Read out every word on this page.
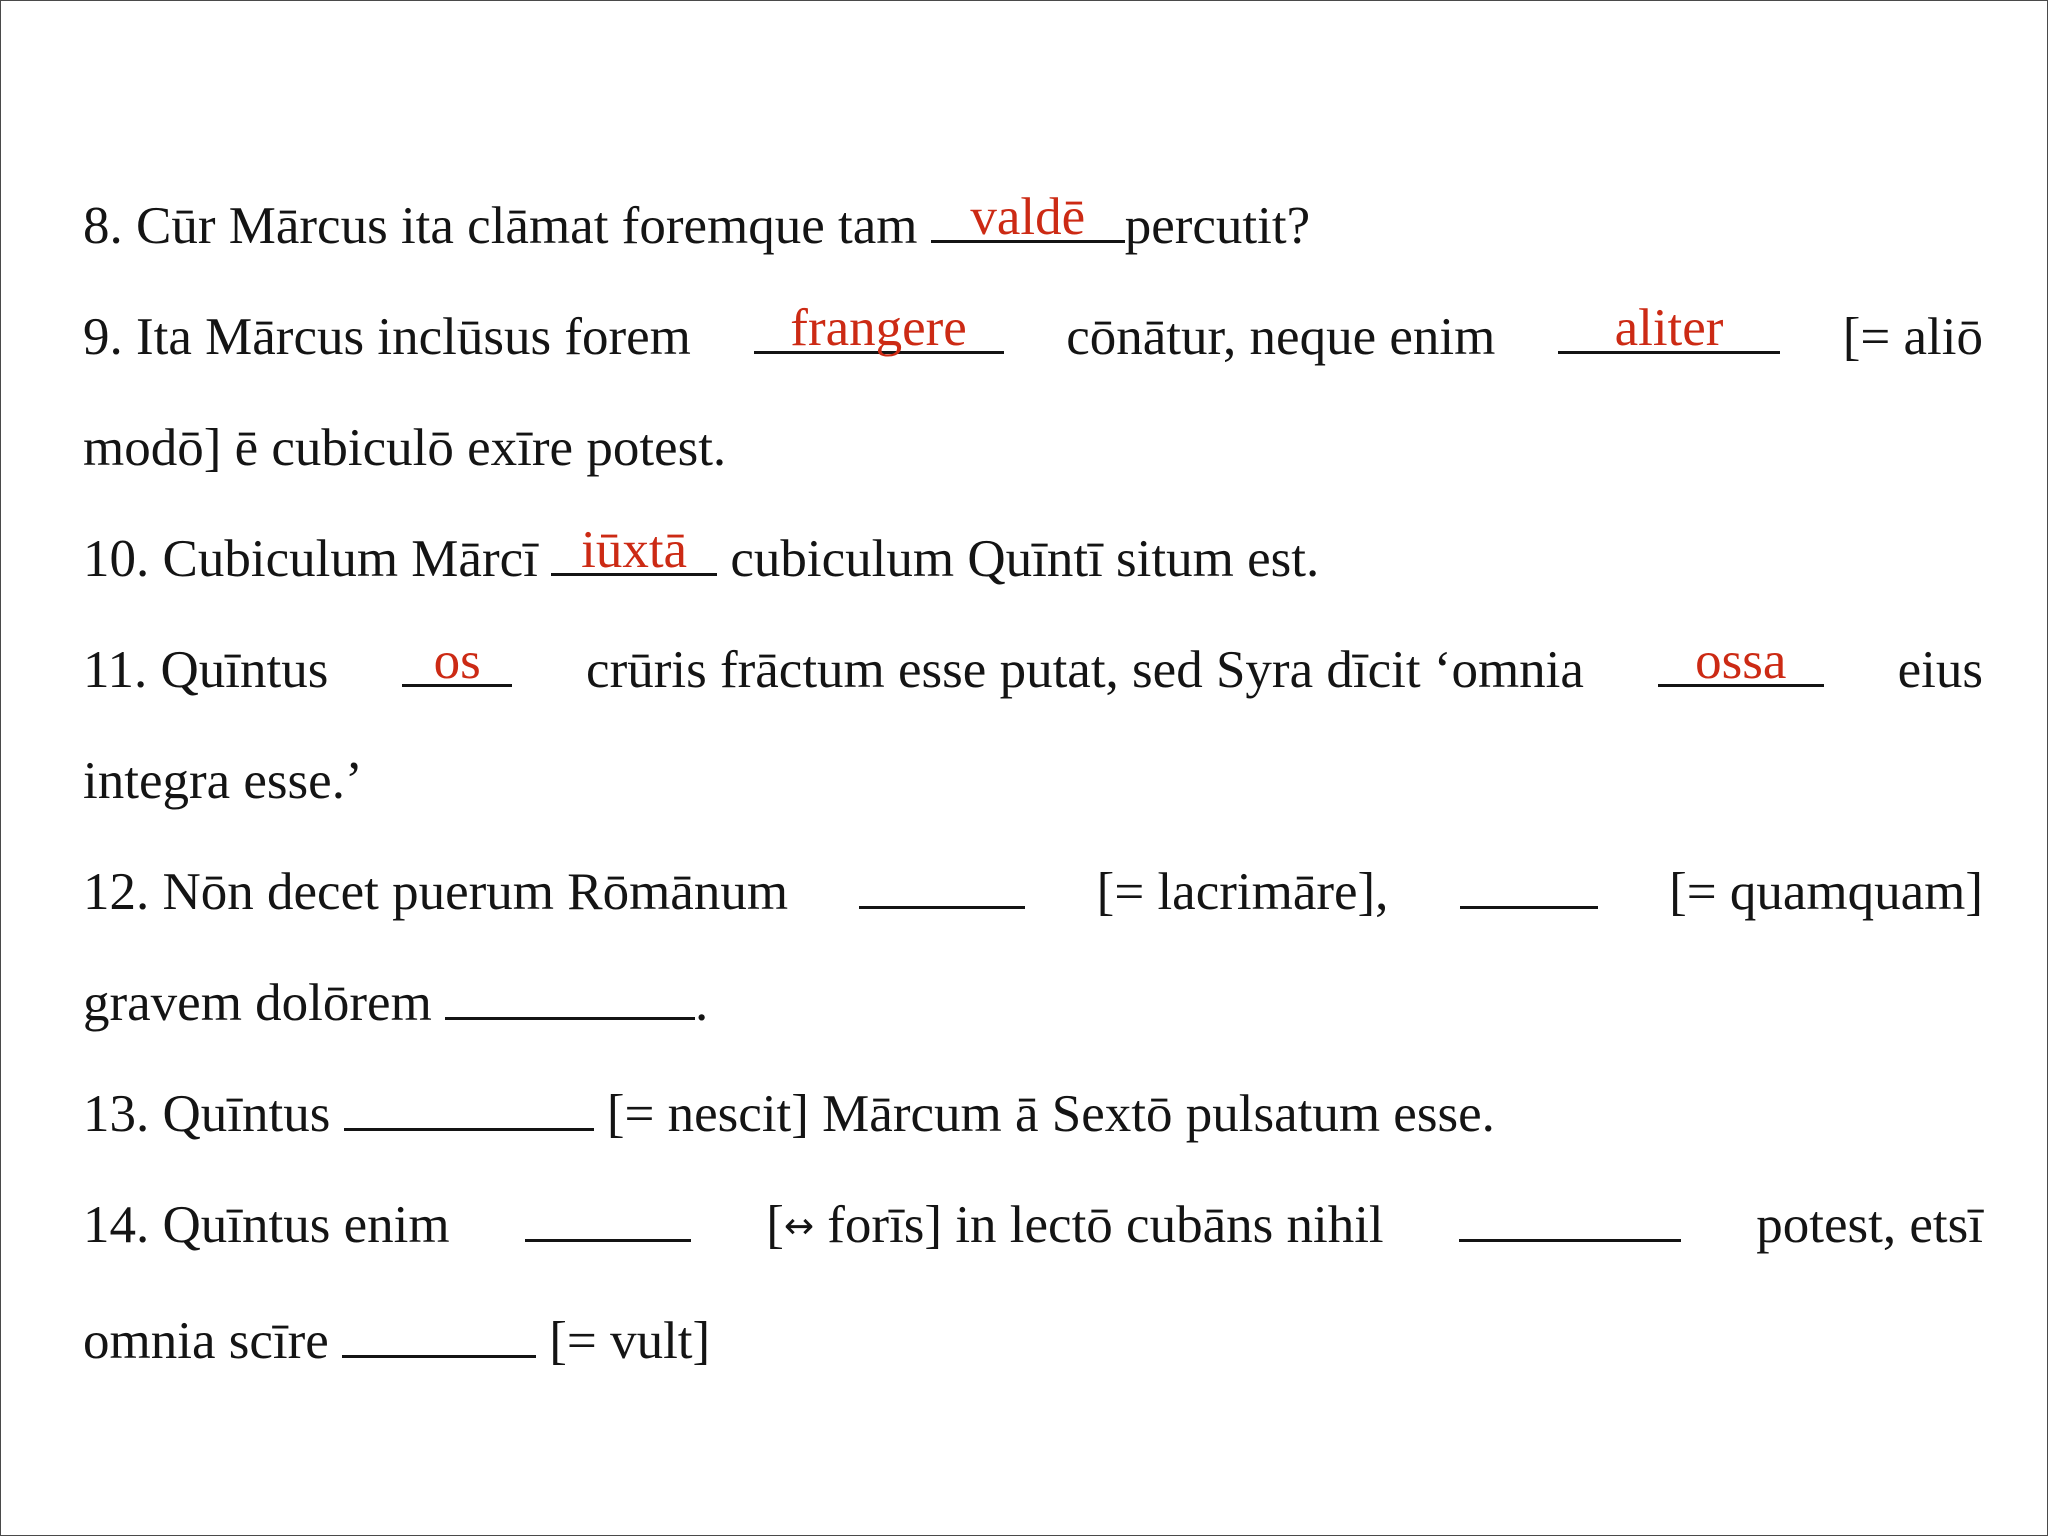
8. Cūr Mārcus ita clāmat foremque tam valdē percutit?
9. Ita Mārcus inclūsus forem	frangere	cōnātur, neque enim	aliter	[= aliō
modō] ē cubiculō exīre potest.
10. Cubiculum Mārcī iūxtā cubiculum Quīntī situm est.
11. Quīntus	os	crūris frāctum esse putat, sed Syra dīcit ‘omnia	ossa	eius
integra esse.’
12. Nōn decet puerum Rōmānum	[= lacrimāre],	[= quamquam]
gravem dolōrem	.
13. Quīntus	[= nescit] Mārcum ā Sextō pulsatum esse.
14. Quīntus enim	[↔ forīs] in lectō cubāns nihil	potest, etsī
omnia scīre	[= vult]
